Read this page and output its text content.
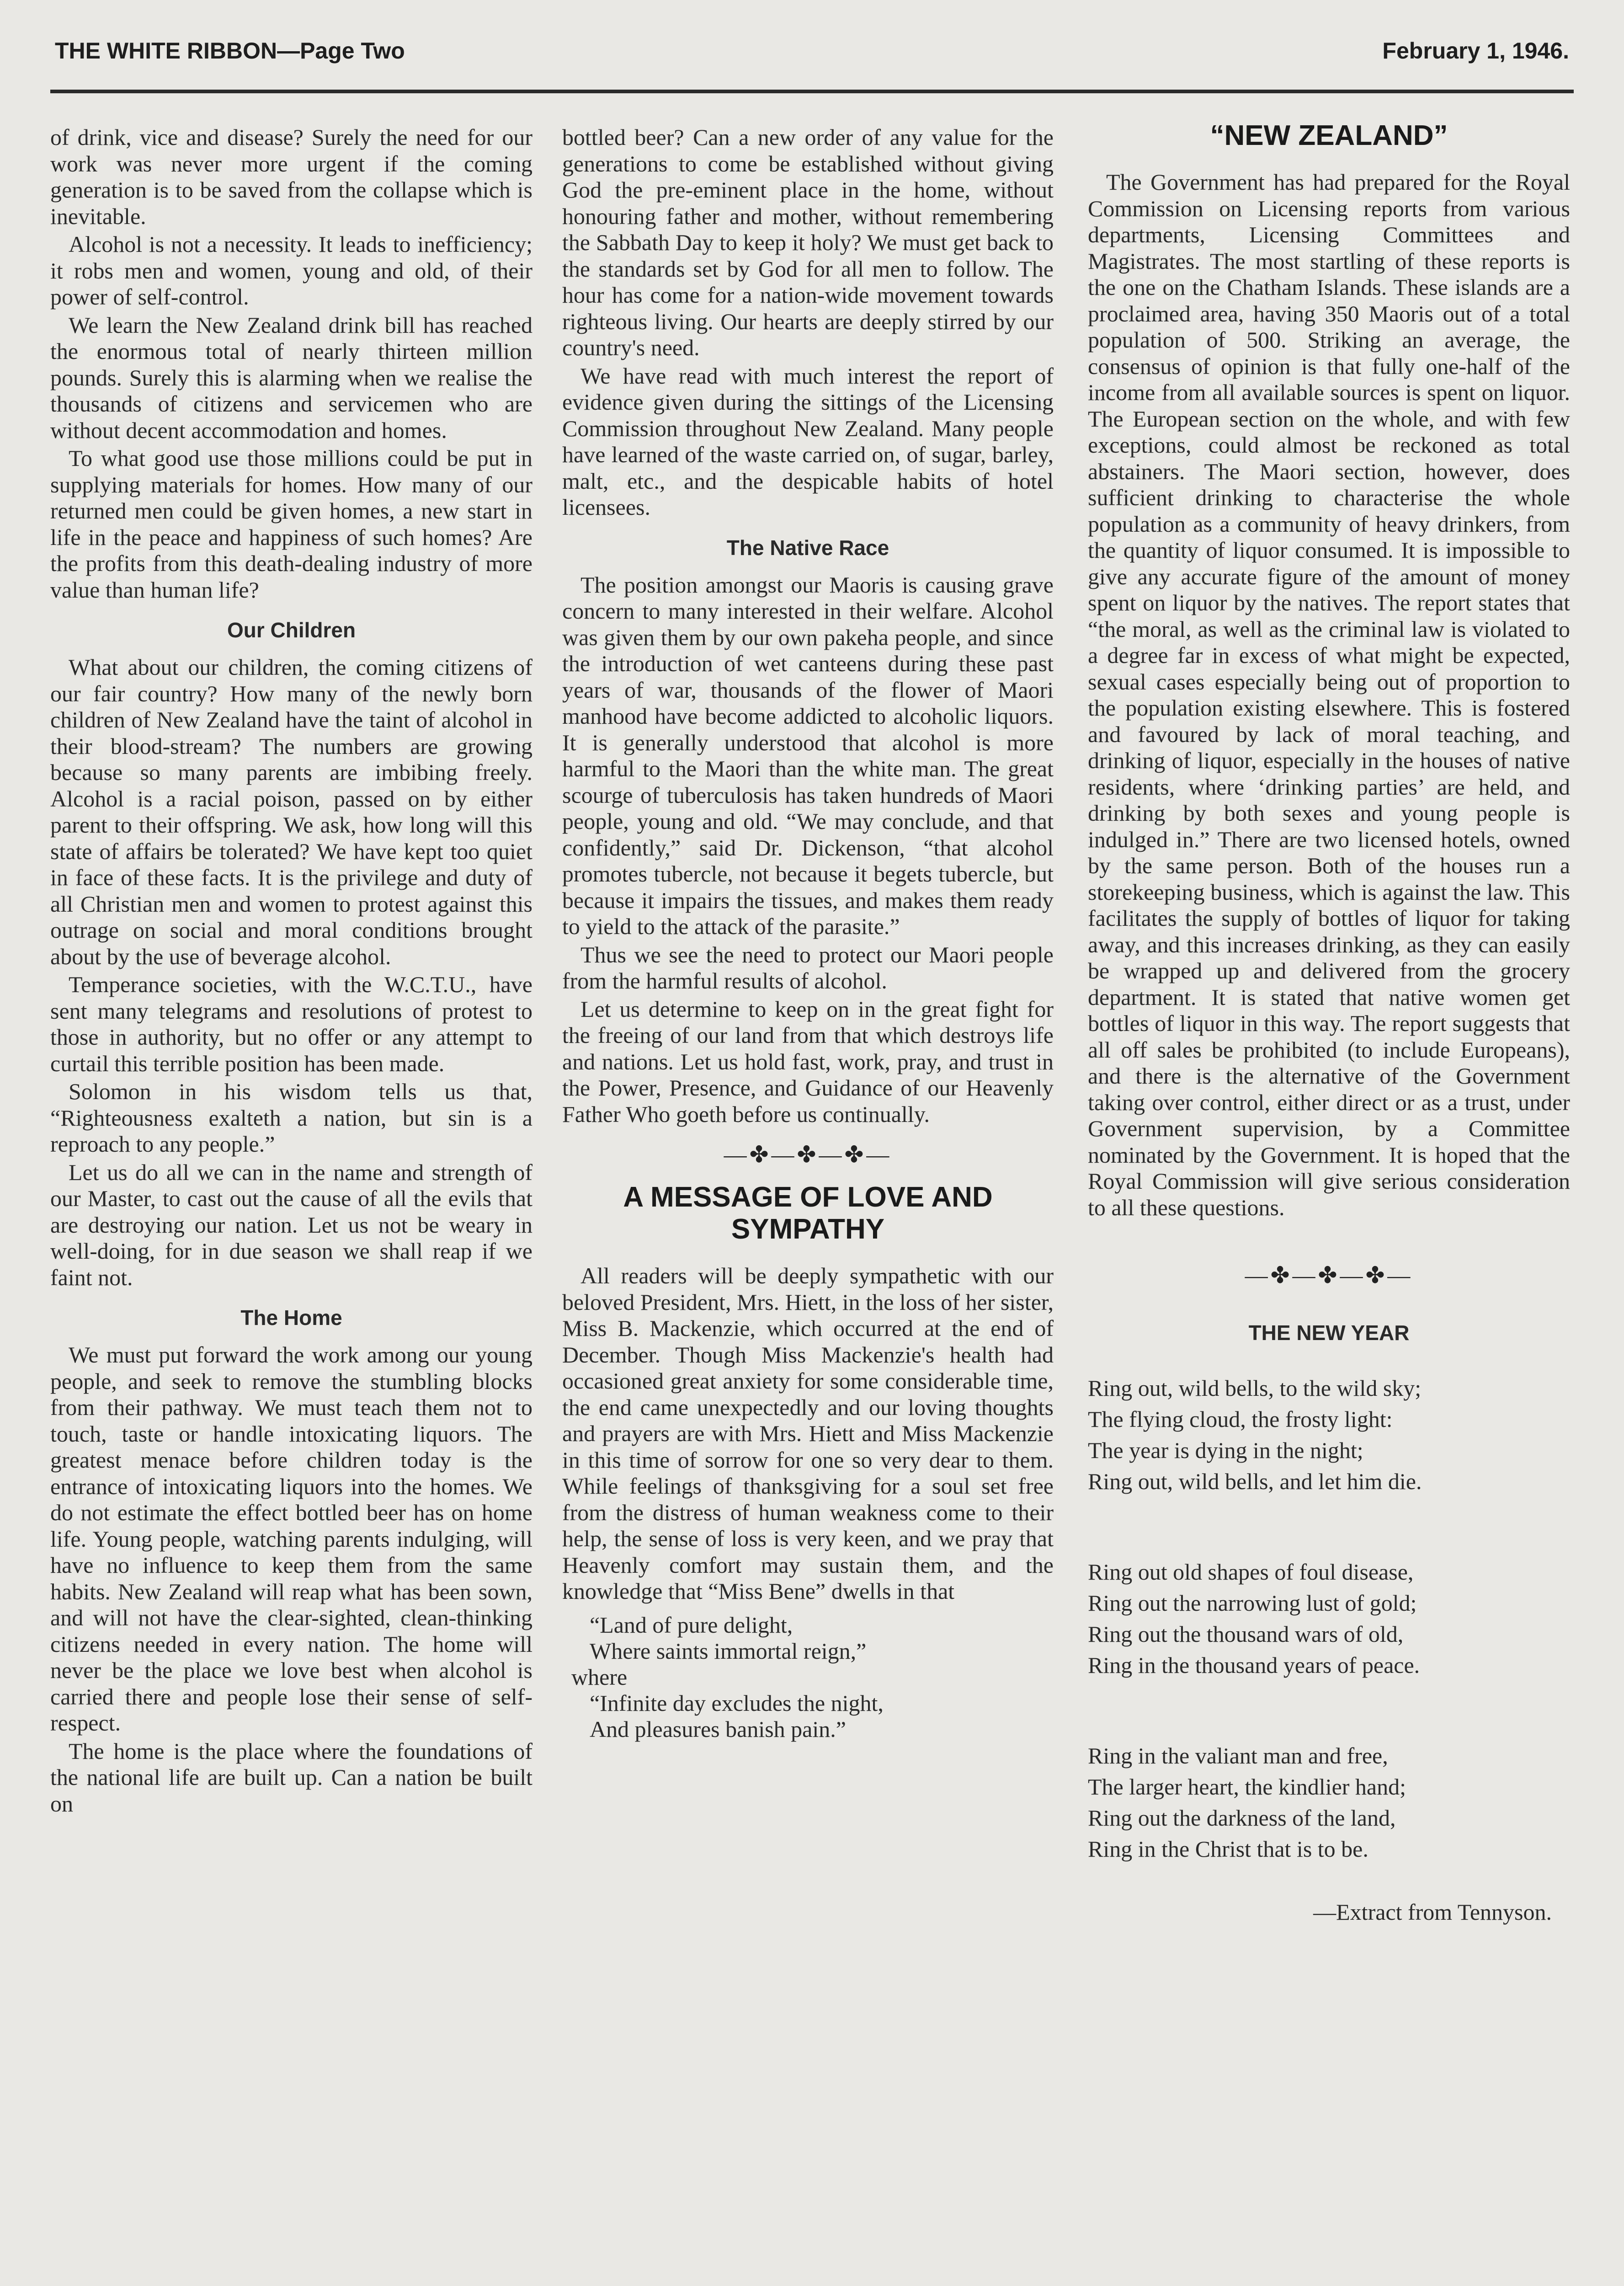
THE WHITE RIBBON—Page Two	February 1, 1946.

of drink, vice and disease? Surely the need for our work was never more urgent if the coming generation is to be saved from the collapse which is inevitable.

Alcohol is not a necessity. It leads to inefficiency; it robs men and women, young and old, of their power of self-control.

We learn the New Zealand drink bill has reached the enormous total of nearly thirteen million pounds. Surely this is alarming when we realise the thousands of citizens and servicemen who are without decent accommodation and homes.

To what good use those millions could be put in supplying materials for homes. How many of our returned men could be given homes, a new start in life in the peace and happiness of such homes? Are the profits from this death-dealing industry of more value than human life?

Our Children

What about our children, the coming citizens of our fair country? How many of the newly born children of New Zealand have the taint of alcohol in their blood-stream? The numbers are growing because so many parents are imbibing freely. Alcohol is a racial poison, passed on by either parent to their offspring. We ask, how long will this state of affairs be tolerated? We have kept too quiet in face of these facts. It is the privilege and duty of all Christian men and women to protest against this outrage on social and moral conditions brought about by the use of beverage alcohol.

Temperance societies, with the W.C.T.U., have sent many telegrams and resolutions of protest to those in authority, but no offer or any attempt to curtail this terrible position has been made.

Solomon in his wisdom tells us that, “Righteousness exalteth a nation, but sin is a reproach to any people.”

Let us do all we can in the name and strength of our Master, to cast out the cause of all the evils that are destroying our nation. Let us not be weary in well-doing, for in due season we shall reap if we faint not.

The Home

We must put forward the work among our young people, and seek to remove the stumbling blocks from their pathway. We must teach them not to touch, taste or handle intoxicating liquors. The greatest menace before children today is the entrance of intoxicating liquors into the homes. We do not estimate the effect bottled beer has on home life. Young people, watching parents indulging, will have no influence to keep them from the same habits. New Zealand will reap what has been sown, and will not have the clear-sighted, clean-thinking citizens needed in every nation. The home will never be the place we love best when alcohol is carried there and people lose their sense of self-respect.

The home is the place where the foundations of the national life are built up. Can a nation be built on

bottled beer? Can a new order of any value for the generations to come be established without giving God the pre-eminent place in the home, without honouring father and mother, without remembering the Sabbath Day to keep it holy? We must get back to the standards set by God for all men to follow. The hour has come for a nation-wide movement towards righteous living. Our hearts are deeply stirred by our country's need.

We have read with much interest the report of evidence given during the sittings of the Licensing Commission throughout New Zealand. Many people have learned of the waste carried on, of sugar, barley, malt, etc., and the despicable habits of hotel licensees.

The Native Race

The position amongst our Maoris is causing grave concern to many interested in their welfare. Alcohol was given them by our own pakeha people, and since the introduction of wet canteens during these past years of war, thousands of the flower of Maori manhood have become addicted to alcoholic liquors. It is generally understood that alcohol is more harmful to the Maori than the white man. The great scourge of tuberculosis has taken hundreds of Maori people, young and old. “We may conclude, and that confidently,” said Dr. Dickenson, “that alcohol promotes tubercle, not because it begets tubercle, but because it impairs the tissues, and makes them ready to yield to the attack of the parasite.”

Thus we see the need to protect our Maori people from the harmful results of alcohol.

Let us determine to keep on in the great fight for the freeing of our land from that which destroys life and nations. Let us hold fast, work, pray, and trust in the Power, Presence, and Guidance of our Heavenly Father Who goeth before us continually.

—✤—✤—✤—
A MESSAGE OF LOVE AND SYMPATHY

All readers will be deeply sympathetic with our beloved President, Mrs. Hiett, in the loss of her sister, Miss B. Mackenzie, which occurred at the end of December. Though Miss Mackenzie's health had occasioned great anxiety for some considerable time, the end came unexpectedly and our loving thoughts and prayers are with Mrs. Hiett and Miss Mackenzie in this time of sorrow for one so very dear to them. While feelings of thanksgiving for a soul set free from the distress of human weakness come to their help, the sense of loss is very keen, and we pray that Heavenly comfort may sustain them, and the knowledge that “Miss Bene” dwells in that

“Land of pure delight,
Where saints immortal reign,”
where
“Infinite day excludes the night,
And pleasures banish pain.”
“NEW ZEALAND”

The Government has had prepared for the Royal Commission on Licensing reports from various departments, Licensing Committees and Magistrates. The most startling of these reports is the one on the Chatham Islands. These islands are a proclaimed area, having 350 Maoris out of a total population of 500. Striking an average, the consensus of opinion is that fully one-half of the income from all available sources is spent on liquor. The European section on the whole, and with few exceptions, could almost be reckoned as total abstainers. The Maori section, however, does sufficient drinking to characterise the whole population as a community of heavy drinkers, from the quantity of liquor consumed. It is impossible to give any accurate figure of the amount of money spent on liquor by the natives. The report states that “the moral, as well as the criminal law is violated to a degree far in excess of what might be expected, sexual cases especially being out of proportion to the population existing elsewhere. This is fostered and favoured by lack of moral teaching, and drinking of liquor, especially in the houses of native residents, where ‘drinking parties’ are held, and drinking by both sexes and young people is indulged in.” There are two licensed hotels, owned by the same person. Both of the houses run a storekeeping business, which is against the law. This facilitates the supply of bottles of liquor for taking away, and this increases drinking, as they can easily be wrapped up and delivered from the grocery department. It is stated that native women get bottles of liquor in this way. The report suggests that all off sales be prohibited (to include Europeans), and there is the alternative of the Government taking over control, either direct or as a trust, under Government supervision, by a Committee nominated by the Government. It is hoped that the Royal Commission will give serious consideration to all these questions.

—✤—✤—✤—
THE NEW YEAR
Ring out, wild bells, to the wild sky;
The flying cloud, the frosty light:
The year is dying in the night;
Ring out, wild bells, and let him die.
Ring out old shapes of foul disease,
Ring out the narrowing lust of gold;
Ring out the thousand wars of old,
Ring in the thousand years of peace.
Ring in the valiant man and free,
The larger heart, the kindlier hand;
Ring out the darkness of the land,
Ring in the Christ that is to be.
—Extract from Tennyson.
